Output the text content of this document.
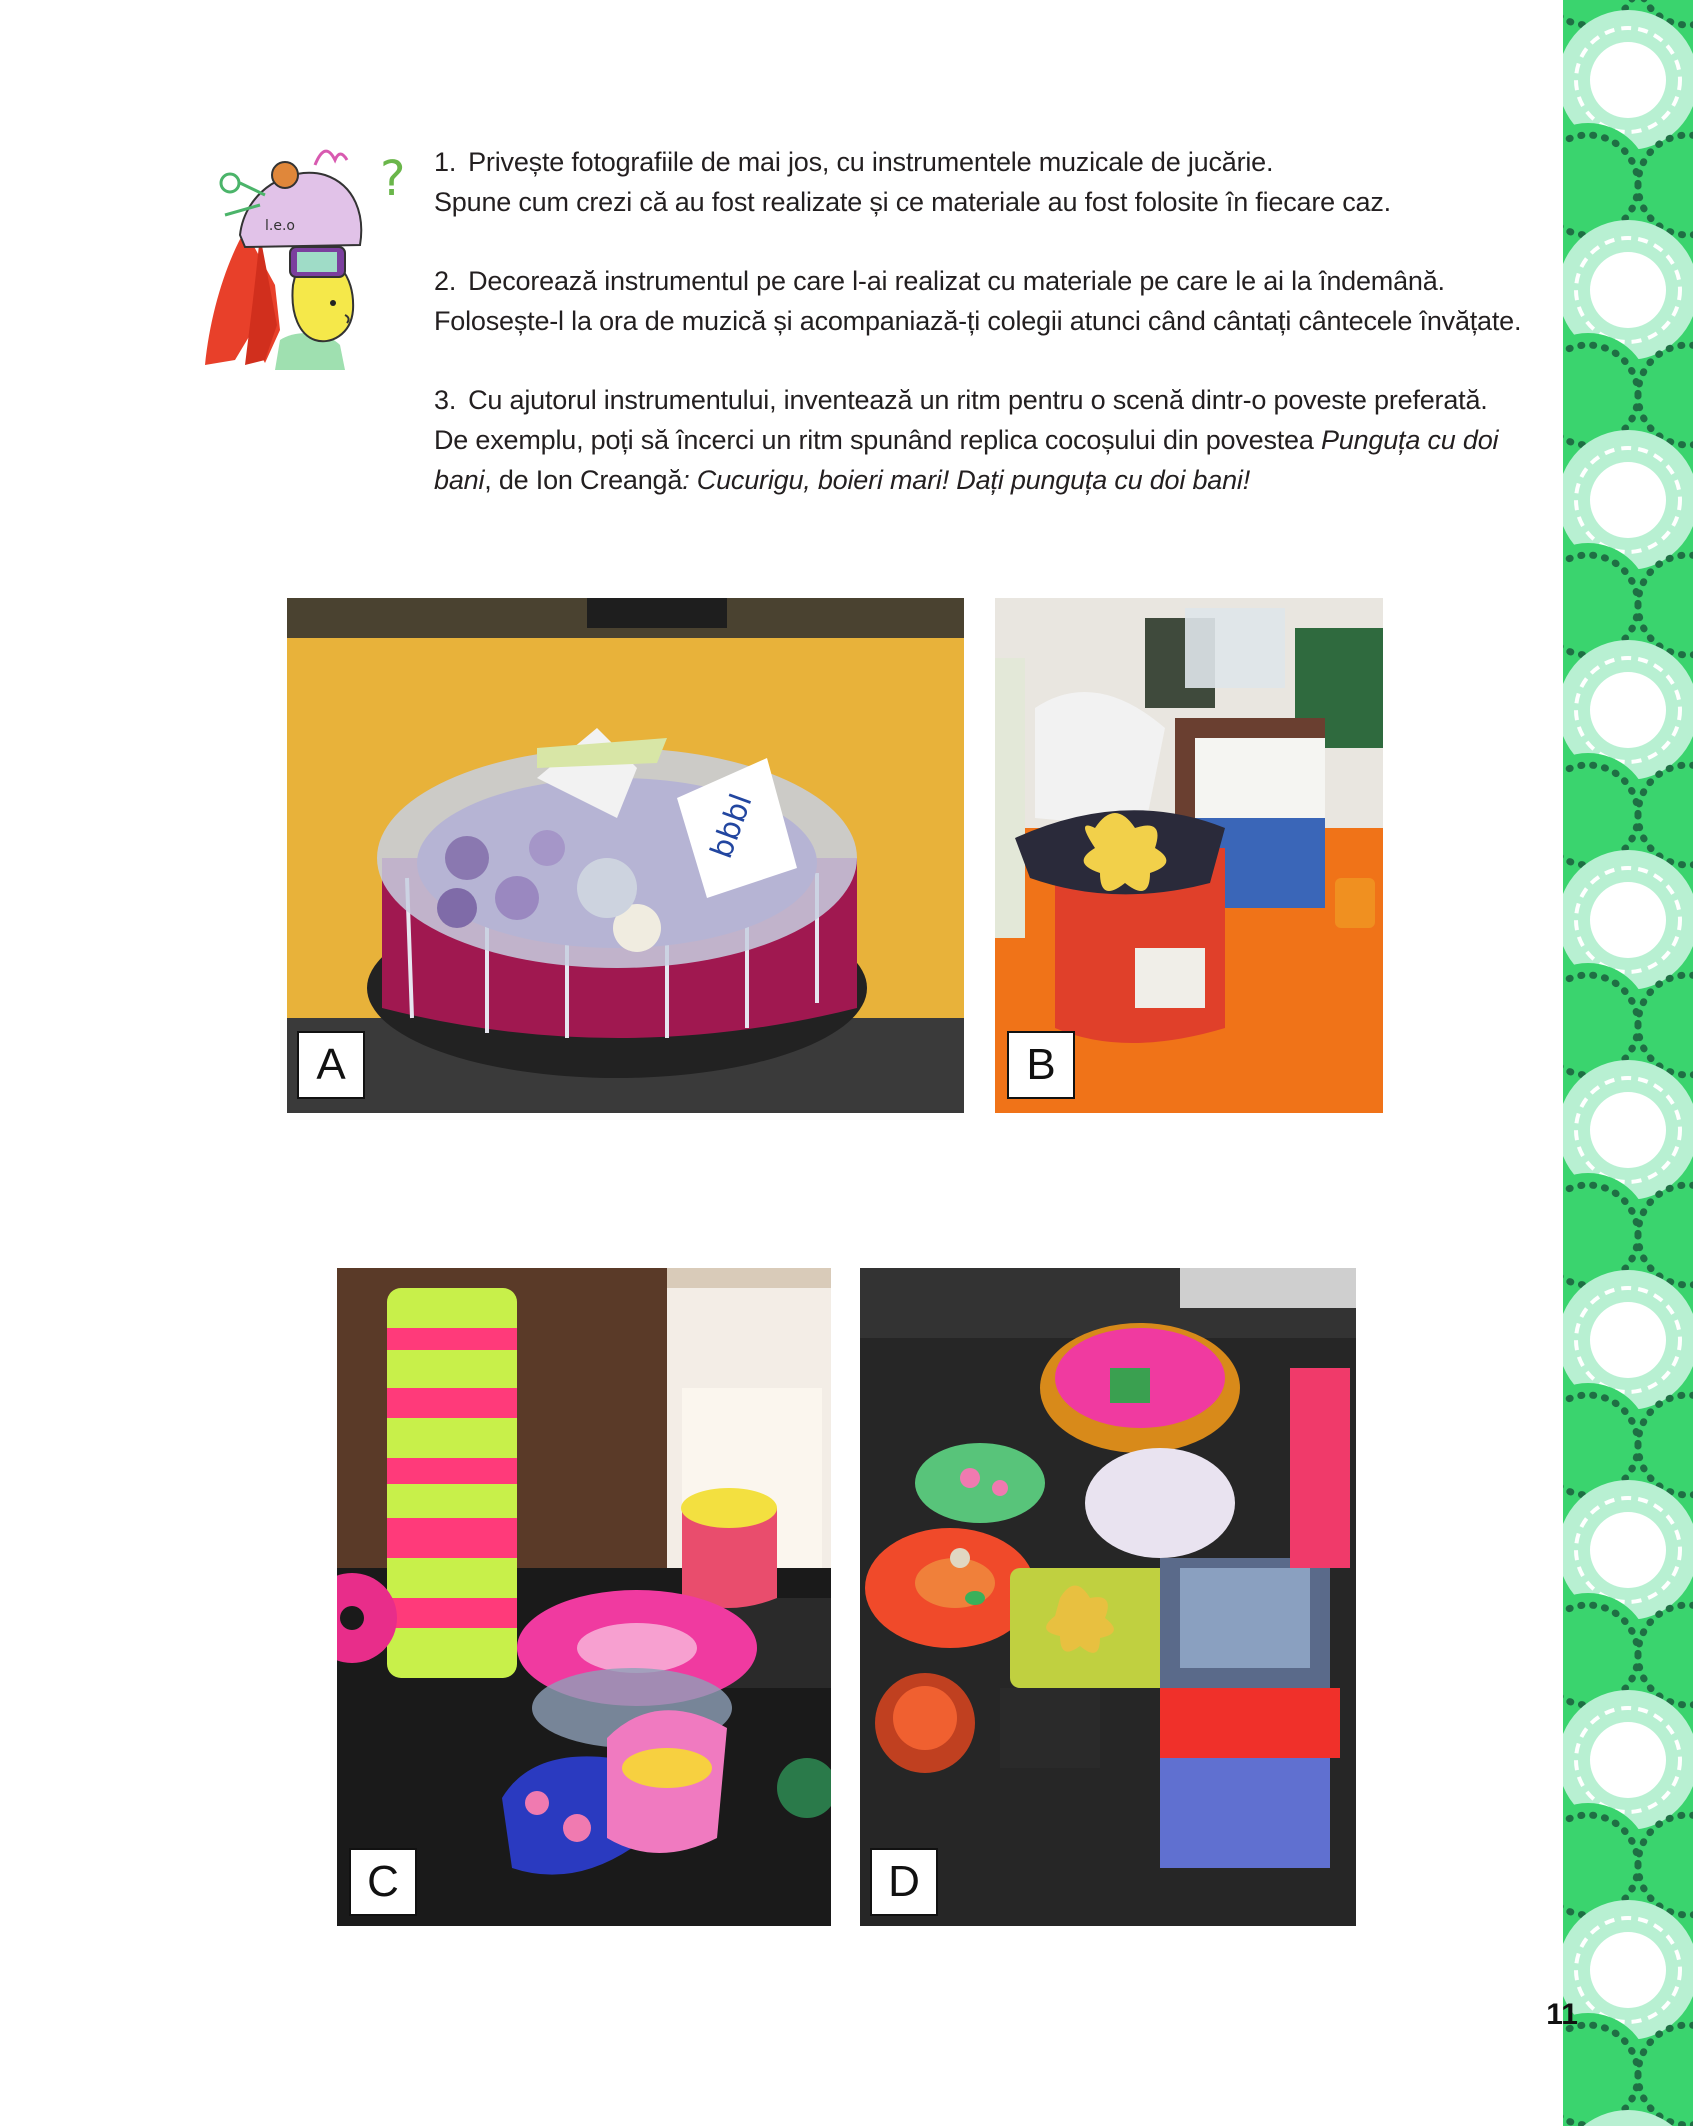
l.e.o
? 1. Privește fotografiile de mai jos, cu instrumentele muzicale de jucărie.
Spune cum crezi că au fost realizate și ce materiale au fost folosite în fiecare caz.

2. Decorează instrumentul pe care l-ai realizat cu materiale pe care le ai la îndemână.
Folosește-l la ora de muzică și acompaniază-ți colegii atunci când cântați cântecele învățate.

3. Cu ajutorul instrumentului, inventează un ritm pentru o scenă dintr-o poveste preferată.
De exemplu, poți să încerci un ritm spunând replica cocoșului din povestea Punguța cu doi
bani, de Ion Creangă: Cucurigu, boieri mari! Dați punguța cu doi bani!

bbbl
A	B
C	D
11
